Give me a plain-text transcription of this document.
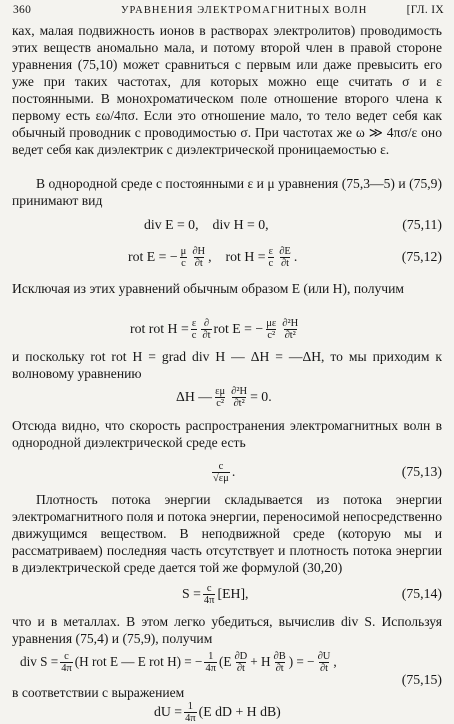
360	УРАВНЕНИЯ ЭЛЕКТРОМАГНИТНЫХ ВОЛН	[ГЛ. IX

ках, малая подвижность ионов в растворах электролитов) проводимость этих веществ аномально мала, и потому второй член в правой стороне уравнения (75,10) может сравниться с первым или даже превысить его уже при таких частотах, для которых можно еще считать σ и ε постоянными. В монохроматическом поле отношение второго члена к первому есть εω/4πσ. Если это отношение мало, то тело ведет себя как обычный проводник с проводимостью σ. При частотах же ω ≫ 4πσ/ε оно ведет себя как диэлектрик с диэлектрической проницаемостью ε.

В однородной среде с постоянными ε и μ уравнения (75,3—5) и (75,9) принимают вид

div E = 0, div H = 0,	(75,11)
rot E = − $\frac{\mu}{c} \frac{\partial H}{\partial t}$ , rot $H = \frac{\varepsilon}{c} \frac{\partial E}{\partial t}$ .	(75,12)

Исключая из этих уравнений обычным образом E (или H), получим

rot rot $H = \frac{\varepsilon}{c} \frac{\partial}{\partial t}$ rot E = − $\frac{\mu\varepsilon}{\text{c²}} \frac{\text{∂²H}}{\text{∂t²}}$

и поскольку rot rot H = grad div H — ΔH = —ΔH, то мы приходим к волновому уравнению

ΔH — $\frac{\varepsilon\mu}{\text{c²}} \frac{\text{∂²H}}{\text{∂t²}} = 0$.

Отсюда видно, что скорость распространения электромагнитных волн в однородной диэлектрической среде есть

$\frac{c}{√\varepsilon\mu}$ .	(75,13)

Плотность потока энергии складывается из потока энергии электромагнитного поля и потока энергии, переносимой непосредственно движущимся веществом. В неподвижной среде (которую мы и рассматриваем) последняя часть отсутствует и плотность потока энергии в диэлектрической среде дается той же формулой (30,20)

$S = \frac{c}{4\pi} [EH]$,	(75,14)

что и в металлах. В этом легко убедиться, вычислив div S. Используя уравнения (75,4) и (75,9), получим

div $S = \frac{c}{4\pi} (H$ rot E — E rot H) = − $\frac{1}{4\pi} (E \frac{\partial D}{\partial t} + H \frac{\partial B}{\partial t}$ ) = − $\frac{\partial U}{\partial t}$ ,
(75,15)

в соответствии с выражением

dU = $\frac{1}{4\pi} (E$ dD + H dB)
